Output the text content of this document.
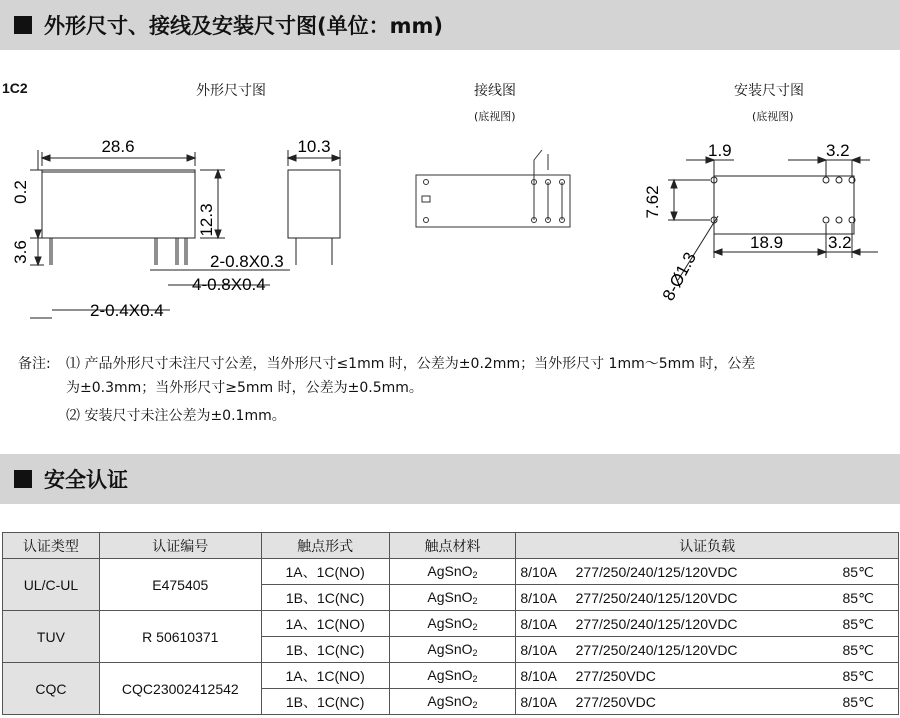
外形尺寸、接线及安装尺寸图(单位：mm)
1C2	外形尺寸图	接线图
(底视图)
安装尺寸图
(底视图)
28.6	10.3
12.3
0.2
3.6	2-0.8X0.3
4-0.8X0.4
2-0.4X0.4
1.9	3.2
7.62
18.9	3.2
8-Ø1.3
备注: ⑴ 产品外形尺寸未注尺寸公差，当外形尺寸≤1mm 时，公差为±0.2mm；当外形尺寸 1mm～5mm 时，公差
为±0.3mm；当外形尺寸≥5mm 时，公差为±0.5mm。
⑵ 安装尺寸未注公差为±0.1mm。
安全认证
认证类型	认证编号	触点形式	触点材料	认证负载
UL/C-UL	E475405	1A、1C(NO)	AgSnO$_2$	8/10A     277/250/240/125/120VDC 85℃

		1B、1C(NC)	AgSnO$_2$	8/10A     277/250/240/125/120VDC 85℃

TUV	R 50610371	1A、1C(NO)	AgSnO$_2$	8/10A     277/250/240/125/120VDC 85℃

		1B、1C(NC)	AgSnO$_2$	8/10A     277/250/240/125/120VDC 85℃

CQC	CQC23002412542	1A、1C(NO)	AgSnO$_2$	8/10A     277/250VDC 85℃

		1B、1C(NC)	AgSnO$_2$	8/10A     277/250VDC 85℃
